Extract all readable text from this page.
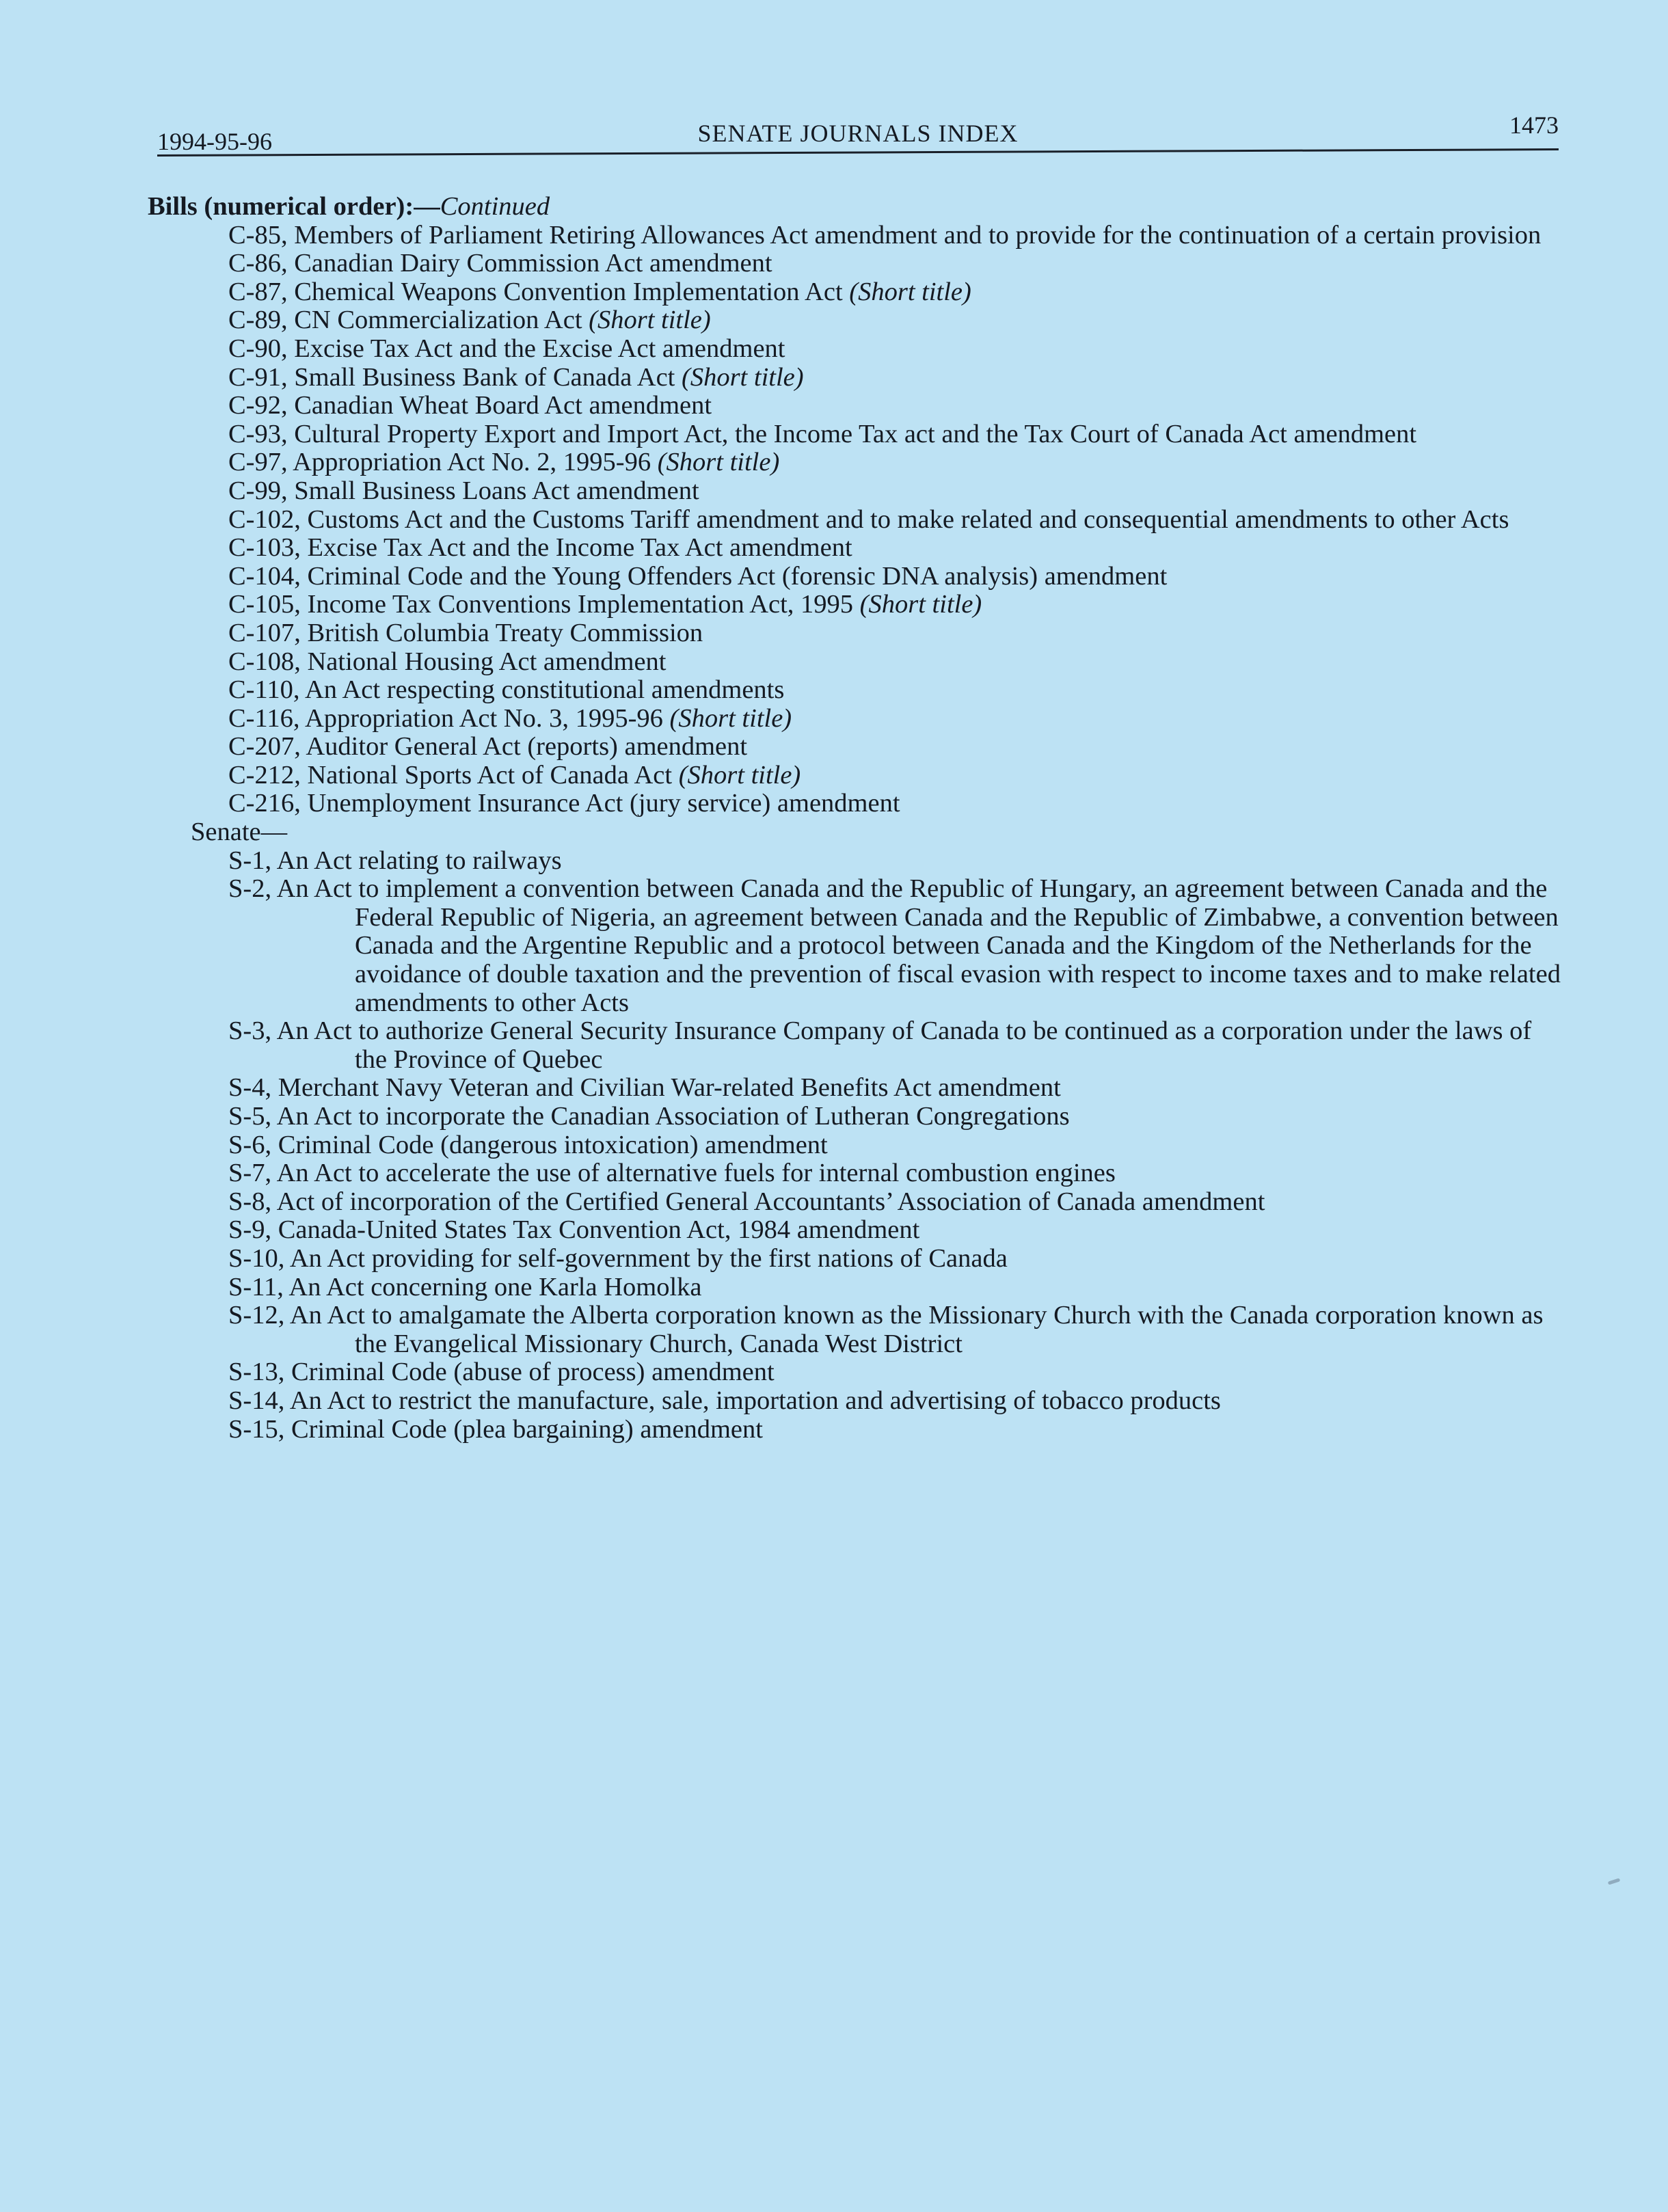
1994-95-96	SENATE JOURNALS INDEX	1473

Bills (numerical order):—Continued

C-85, Members of Parliament Retiring Allowances Act amendment and to provide for the continuation of a certain provision

C-86, Canadian Dairy Commission Act amendment

C-87, Chemical Weapons Convention Implementation Act (Short title)

C-89, CN Commercialization Act (Short title)

C-90, Excise Tax Act and the Excise Act amendment

C-91, Small Business Bank of Canada Act (Short title)

C-92, Canadian Wheat Board Act amendment

C-93, Cultural Property Export and Import Act, the Income Tax act and the Tax Court of Canada Act amendment

C-97, Appropriation Act No. 2, 1995-96 (Short title)

C-99, Small Business Loans Act amendment

C-102, Customs Act and the Customs Tariff amendment and to make related and consequential amendments to other Acts

C-103, Excise Tax Act and the Income Tax Act amendment

C-104, Criminal Code and the Young Offenders Act (forensic DNA analysis) amendment

C-105, Income Tax Conventions Implementation Act, 1995 (Short title)

C-107, British Columbia Treaty Commission

C-108, National Housing Act amendment

C-110, An Act respecting constitutional amendments

C-116, Appropriation Act No. 3, 1995-96 (Short title)

C-207, Auditor General Act (reports) amendment

C-212, National Sports Act of Canada Act (Short title)

C-216, Unemployment Insurance Act (jury service) amendment

Senate—

S-1, An Act relating to railways

S-2, An Act to implement a convention between Canada and the Republic of Hungary, an agreement between Canada and the Federal Republic of Nigeria, an agreement between Canada and the Republic of Zimbabwe, a convention between Canada and the Argentine Republic and a protocol between Canada and the Kingdom of the Netherlands for the avoidance of double taxation and the prevention of fiscal evasion with respect to income taxes and to make related amendments to other Acts

S-3, An Act to authorize General Security Insurance Company of Canada to be continued as a corporation under the laws of the Province of Quebec

S-4, Merchant Navy Veteran and Civilian War-related Benefits Act amendment

S-5, An Act to incorporate the Canadian Association of Lutheran Congregations

S-6, Criminal Code (dangerous intoxication) amendment

S-7, An Act to accelerate the use of alternative fuels for internal combustion engines

S-8, Act of incorporation of the Certified General Accountants’ Association of Canada amendment

S-9, Canada-United States Tax Convention Act, 1984 amendment

S-10, An Act providing for self-government by the first nations of Canada

S-11, An Act concerning one Karla Homolka

S-12, An Act to amalgamate the Alberta corporation known as the Missionary Church with the Canada corporation known as the Evangelical Missionary Church, Canada West District

S-13, Criminal Code (abuse of process) amendment

S-14, An Act to restrict the manufacture, sale, importation and advertising of tobacco products

S-15, Criminal Code (plea bargaining) amendment
